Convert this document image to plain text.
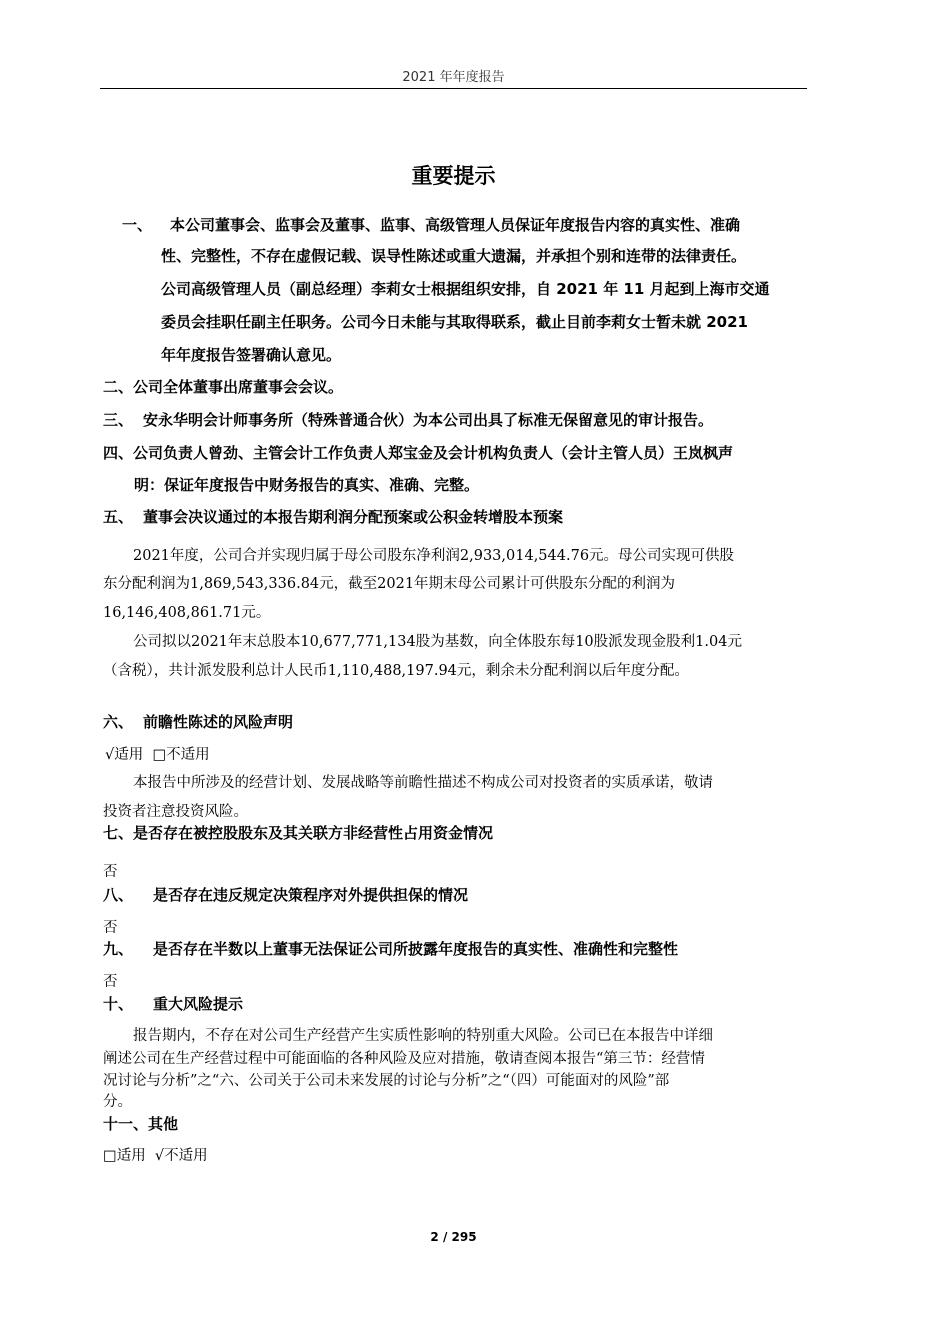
2021 年年度报告
重要提示
一、 本公司董事会、监事会及董事、监事、高级管理人员保证年度报告内容的真实性、准确
性、完整性，不存在虚假记载、误导性陈述或重大遗漏，并承担个别和连带的法律责任。
公司高级管理人员（副总经理）李莉女士根据组织安排，自 2021 年 11 月起到上海市交通
委员会挂职任副主任职务。公司今日未能与其取得联系，截止目前李莉女士暂未就 2021
年年度报告签署确认意见。
二、公司全体董事出席董事会会议。
三、 安永华明会计师事务所（特殊普通合伙）为本公司出具了标准无保留意见的审计报告。
四、公司负责人曾劲、主管会计工作负责人郑宝金及会计机构负责人（会计主管人员）王岚枫声
明：保证年度报告中财务报告的真实、准确、完整。
五、 董事会决议通过的本报告期利润分配预案或公积金转增股本预案
2021年度，公司合并实现归属于母公司股东净利润2,933,014,544.76元。母公司实现可供股
东分配利润为1,869,543,336.84元，截至2021年期末母公司累计可供股东分配的利润为
16,146,408,861.71元。
公司拟以2021年末总股本10,677,771,134股为基数，向全体股东每10股派发现金股利1.04元
（含税），共计派发股利总计人民币1,110,488,197.94元，剩余未分配利润以后年度分配。
六、 前瞻性陈述的风险声明
√适用  □不适用
本报告中所涉及的经营计划、发展战略等前瞻性描述不构成公司对投资者的实质承诺，敬请
投资者注意投资风险。
七、是否存在被控股股东及其关联方非经营性占用资金情况
否
八、 是否存在违反规定决策程序对外提供担保的情况
否
九、 是否存在半数以上董事无法保证公司所披露年度报告的真实性、准确性和完整性
否
十、 重大风险提示
报告期内，不存在对公司生产经营产生实质性影响的特别重大风险。公司已在本报告中详细
阐述公司在生产经营过程中可能面临的各种风险及应对措施，敬请查阅本报告“第三节：经营情
况讨论与分析”之“六、公司关于公司未来发展的讨论与分析”之“（四）可能面对的风险”部
分。
十一、其他
□适用  √不适用
2 / 295
